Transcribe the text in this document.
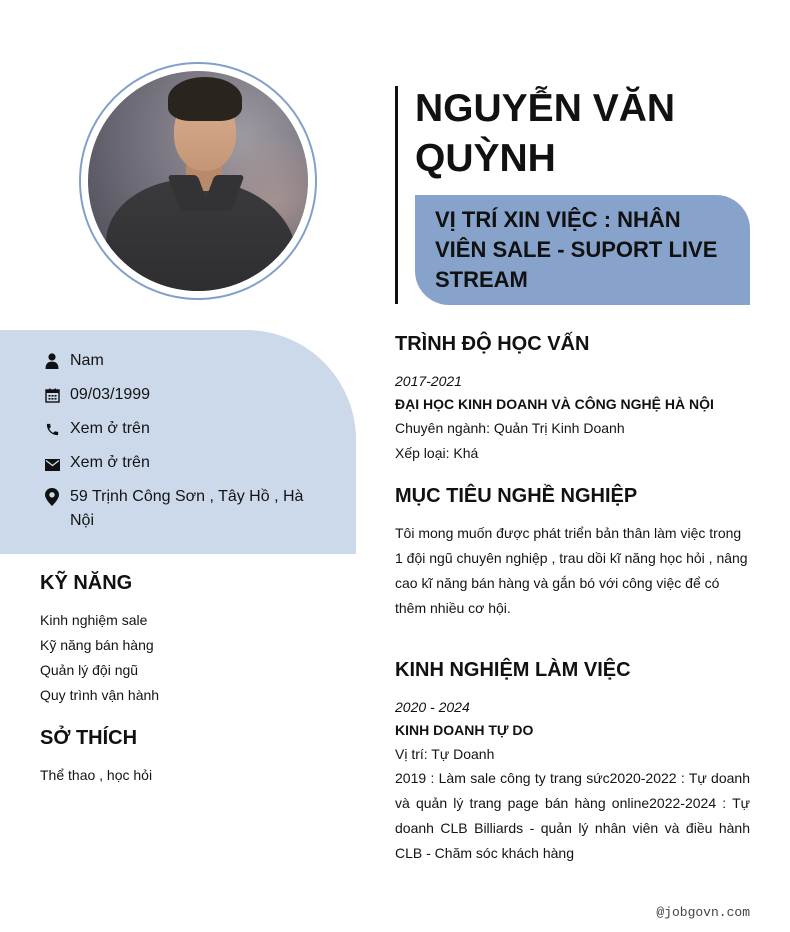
Nam
09/03/1999
Xem ở trên
Xem ở trên
59 Trịnh Công Sơn , Tây Hồ , Hà Nội
KỸ NĂNG
Kinh nghiệm sale
Kỹ năng bán hàng
Quản lý đội ngũ
Quy trình vận hành
SỞ THÍCH
Thể thao , học hỏi
NGUYỄN VĂN QUỲNH
VỊ TRÍ XIN VIỆC : NHÂN VIÊN SALE - SUPORT LIVE STREAM
TRÌNH ĐỘ HỌC VẤN
2017-2021
ĐẠI HỌC KINH DOANH VÀ CÔNG NGHỆ HÀ NỘI
Chuyên ngành: Quản Trị Kinh Doanh
Xếp loại: Khá
MỤC TIÊU NGHỀ NGHIỆP
Tôi mong muốn được phát triển bản thân làm việc trong 1 đội ngũ chuyên nghiệp , trau dồi kĩ năng học hỏi , nâng cao kĩ năng bán hàng và gắn bó với công việc để có thêm nhiều cơ hội.
KINH NGHIỆM LÀM VIỆC
2020 - 2024
KINH DOANH TỰ DO
Vị trí: Tự Doanh
2019 : Làm sale công ty trang sức2020-2022 : Tự doanh và quản lý trang page bán hàng online2022-2024 : Tự doanh CLB Billiards - quản lý nhân viên và điều hành CLB - Chăm sóc khách hàng
@jobgovn.com
